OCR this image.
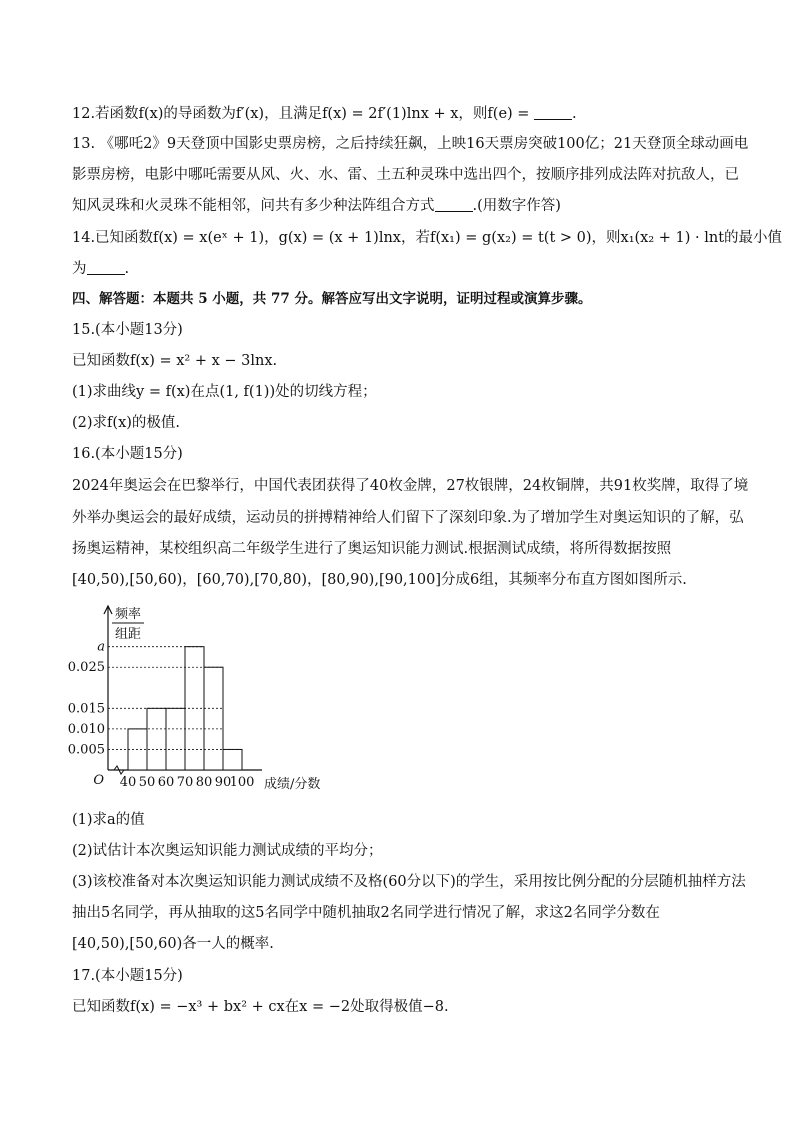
12.若函数f(x)的导函数为f′(x)，且满足f(x) = 2f′(1)lnx + x，则f(e) =	.
13. 《哪吒2》9天登顶中国影史票房榜，之后持续狂飙，上映16天票房突破100亿；21天登顶全球动画电
影票房榜，电影中哪吒需要从风、火、水、雷、土五种灵珠中选出四个，按顺序排列成法阵对抗敌人，已
知风灵珠和火灵珠不能相邻，问共有多少种法阵组合方式	.(用数字作答)
14.已知函数f(x) = x(eˣ + 1)，g(x) = (x + 1)lnx，若f(x₁) = g(x₂) = t(t > 0)，则x₁(x₂ + 1) · lnt的最小值
为	.
四、解答题：本题共 5 小题，共 77 分。解答应写出文字说明，证明过程或演算步骤。
15.(本小题13分)
已知函数f(x) = x² + x − 3lnx.
(1)求曲线y = f(x)在点(1, f(1))处的切线方程；
(2)求f(x)的极值.
16.(本小题15分)
2024年奥运会在巴黎举行，中国代表团获得了40枚金牌，27枚银牌，24枚铜牌，共91枚奖牌，取得了境
外举办奥运会的最好成绩，运动员的拼搏精神给人们留下了深刻印象.为了增加学生对奥运知识的了解，弘
扬奥运精神，某校组织高二年级学生进行了奥运知识能力测试.根据测试成绩，将所得数据按照
[40,50),[50,60)，[60,70),[70,80)，[80,90),[90,100]分成6组，其频率分布直方图如图所示.
0.005
0.010
0.015
0.025
a
40 50 60 70 80 90
100
O
频率
组距
成绩/分数
(1)求a的值
(2)试估计本次奥运知识能力测试成绩的平均分；
(3)该校准备对本次奥运知识能力测试成绩不及格(60分以下)的学生，采用按比例分配的分层随机抽样方法
抽出5名同学，再从抽取的这5名同学中随机抽取2名同学进行情况了解，求这2名同学分数在
[40,50),[50,60)各一人的概率.
17.(本小题15分)
已知函数f(x) = −x³ + bx² + cx在x = −2处取得极值−8.
